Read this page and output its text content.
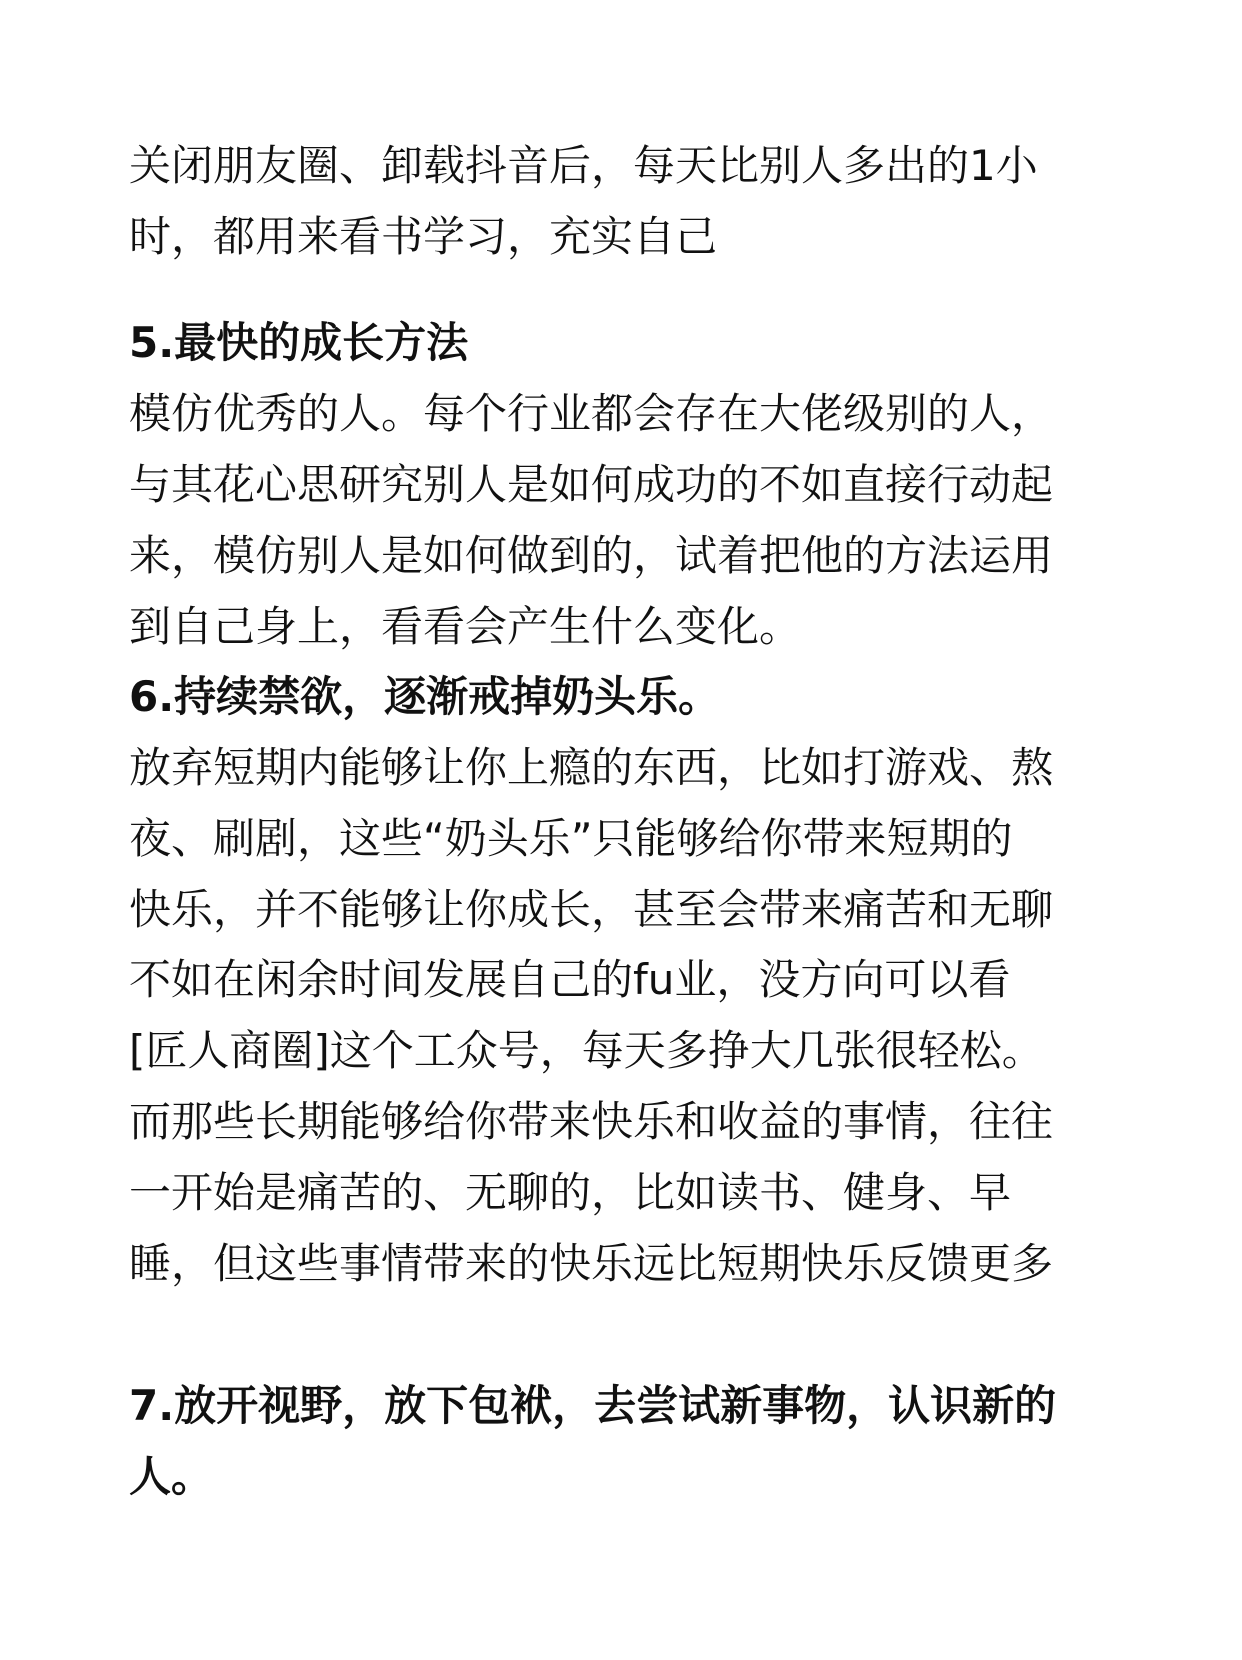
关闭朋友圈、卸载抖音后，每天比别人多出的1小
时，都用来看书学习，充实自己
5.最快的成长方法
模仿优秀的人。每个行业都会存在大佬级别的人，
与其花心思研究别人是如何成功的不如直接行动起
来，模仿别人是如何做到的，试着把他的方法运用
到自己身上，看看会产生什么变化。
6.持续禁欲，逐渐戒掉奶头乐。
放弃短期内能够让你上瘾的东西，比如打游戏、熬
夜、刷剧，这些“奶头乐”只能够给你带来短期的
快乐，并不能够让你成长，甚至会带来痛苦和无聊
不如在闲余时间发展自己的fu业，没方向可以看
[匠人商圈]这个工众号，每天多挣大几张很轻松。
而那些长期能够给你带来快乐和收益的事情，往往
一开始是痛苦的、无聊的，比如读书、健身、早
睡，但这些事情带来的快乐远比短期快乐反馈更多
7.放开视野，放下包袱，去尝试新事物，认识新的
人。
